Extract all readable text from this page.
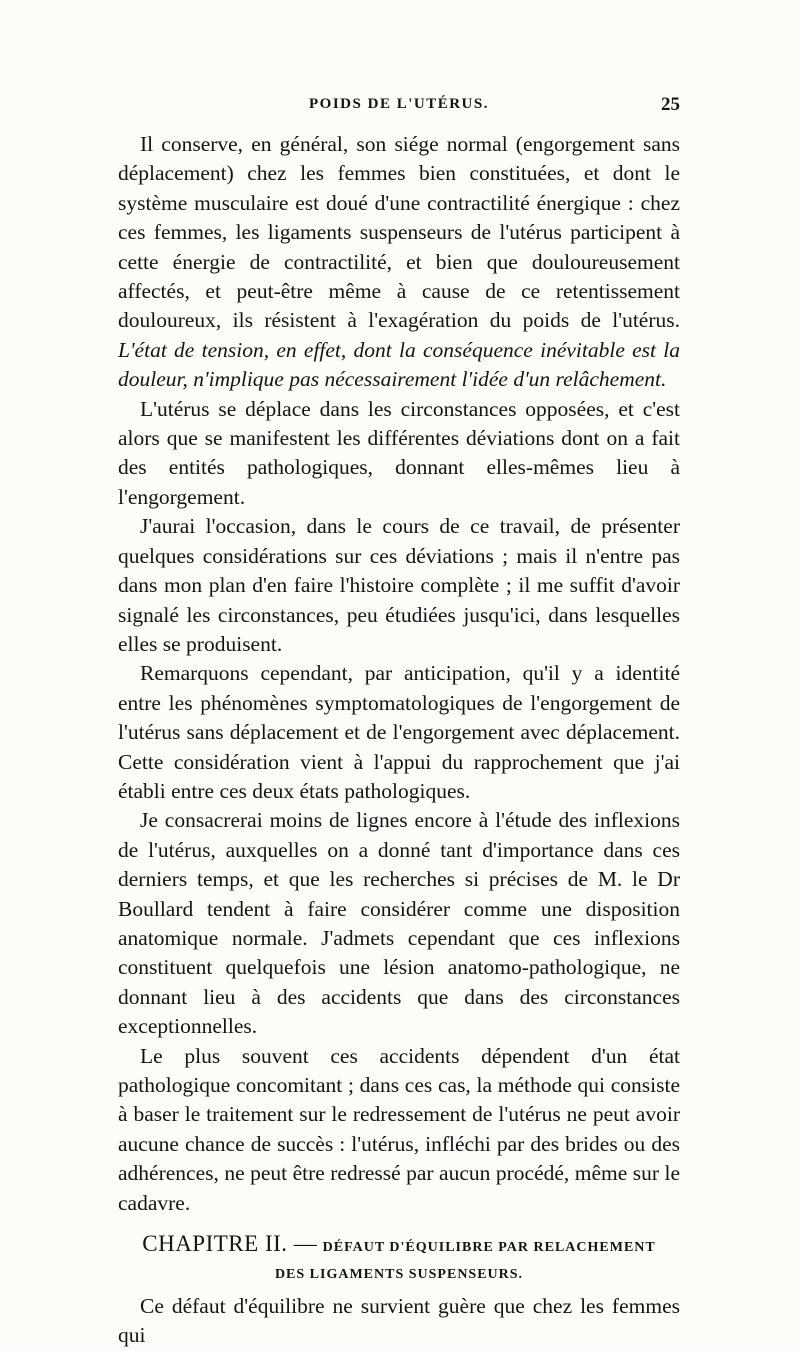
POIDS DE L'UTÉRUS.	25

Il conserve, en général, son siége normal (engorgement sans déplacement) chez les femmes bien constituées, et dont le système musculaire est doué d'une contractilité énergique : chez ces femmes, les ligaments suspenseurs de l'utérus participent à cette énergie de contractilité, et bien que douloureusement affectés, et peut-être même à cause de ce retentissement douloureux, ils résistent à l'exagération du poids de l'utérus. L'état de tension, en effet, dont la conséquence inévitable est la douleur, n'implique pas nécessairement l'idée d'un relâchement.

L'utérus se déplace dans les circonstances opposées, et c'est alors que se manifestent les différentes déviations dont on a fait des entités pathologiques, donnant elles-mêmes lieu à l'engorgement.

J'aurai l'occasion, dans le cours de ce travail, de présenter quelques considérations sur ces déviations ; mais il n'entre pas dans mon plan d'en faire l'histoire complète ; il me suffit d'avoir signalé les circonstances, peu étudiées jusqu'ici, dans lesquelles elles se produisent.

Remarquons cependant, par anticipation, qu'il y a identité entre les phénomènes symptomatologiques de l'engorgement de l'utérus sans déplacement et de l'engorgement avec déplacement. Cette considération vient à l'appui du rapprochement que j'ai établi entre ces deux états pathologiques.

Je consacrerai moins de lignes encore à l'étude des inflexions de l'utérus, auxquelles on a donné tant d'importance dans ces derniers temps, et que les recherches si précises de M. le Dr Boullard tendent à faire considérer comme une disposition anatomique normale. J'admets cependant que ces inflexions constituent quelquefois une lésion anatomo-pathologique, ne donnant lieu à des accidents que dans des circonstances exceptionnelles.

Le plus souvent ces accidents dépendent d'un état pathologique concomitant ; dans ces cas, la méthode qui consiste à baser le traitement sur le redressement de l'utérus ne peut avoir aucune chance de succès : l'utérus, infléchi par des brides ou des adhérences, ne peut être redressé par aucun procédé, même sur le cadavre.

CHAPITRE II. — DÉFAUT D'ÉQUILIBRE PAR RELACHEMENT
DES LIGAMENTS SUSPENSEURS.

Ce défaut d'équilibre ne survient guère que chez les femmes qui
